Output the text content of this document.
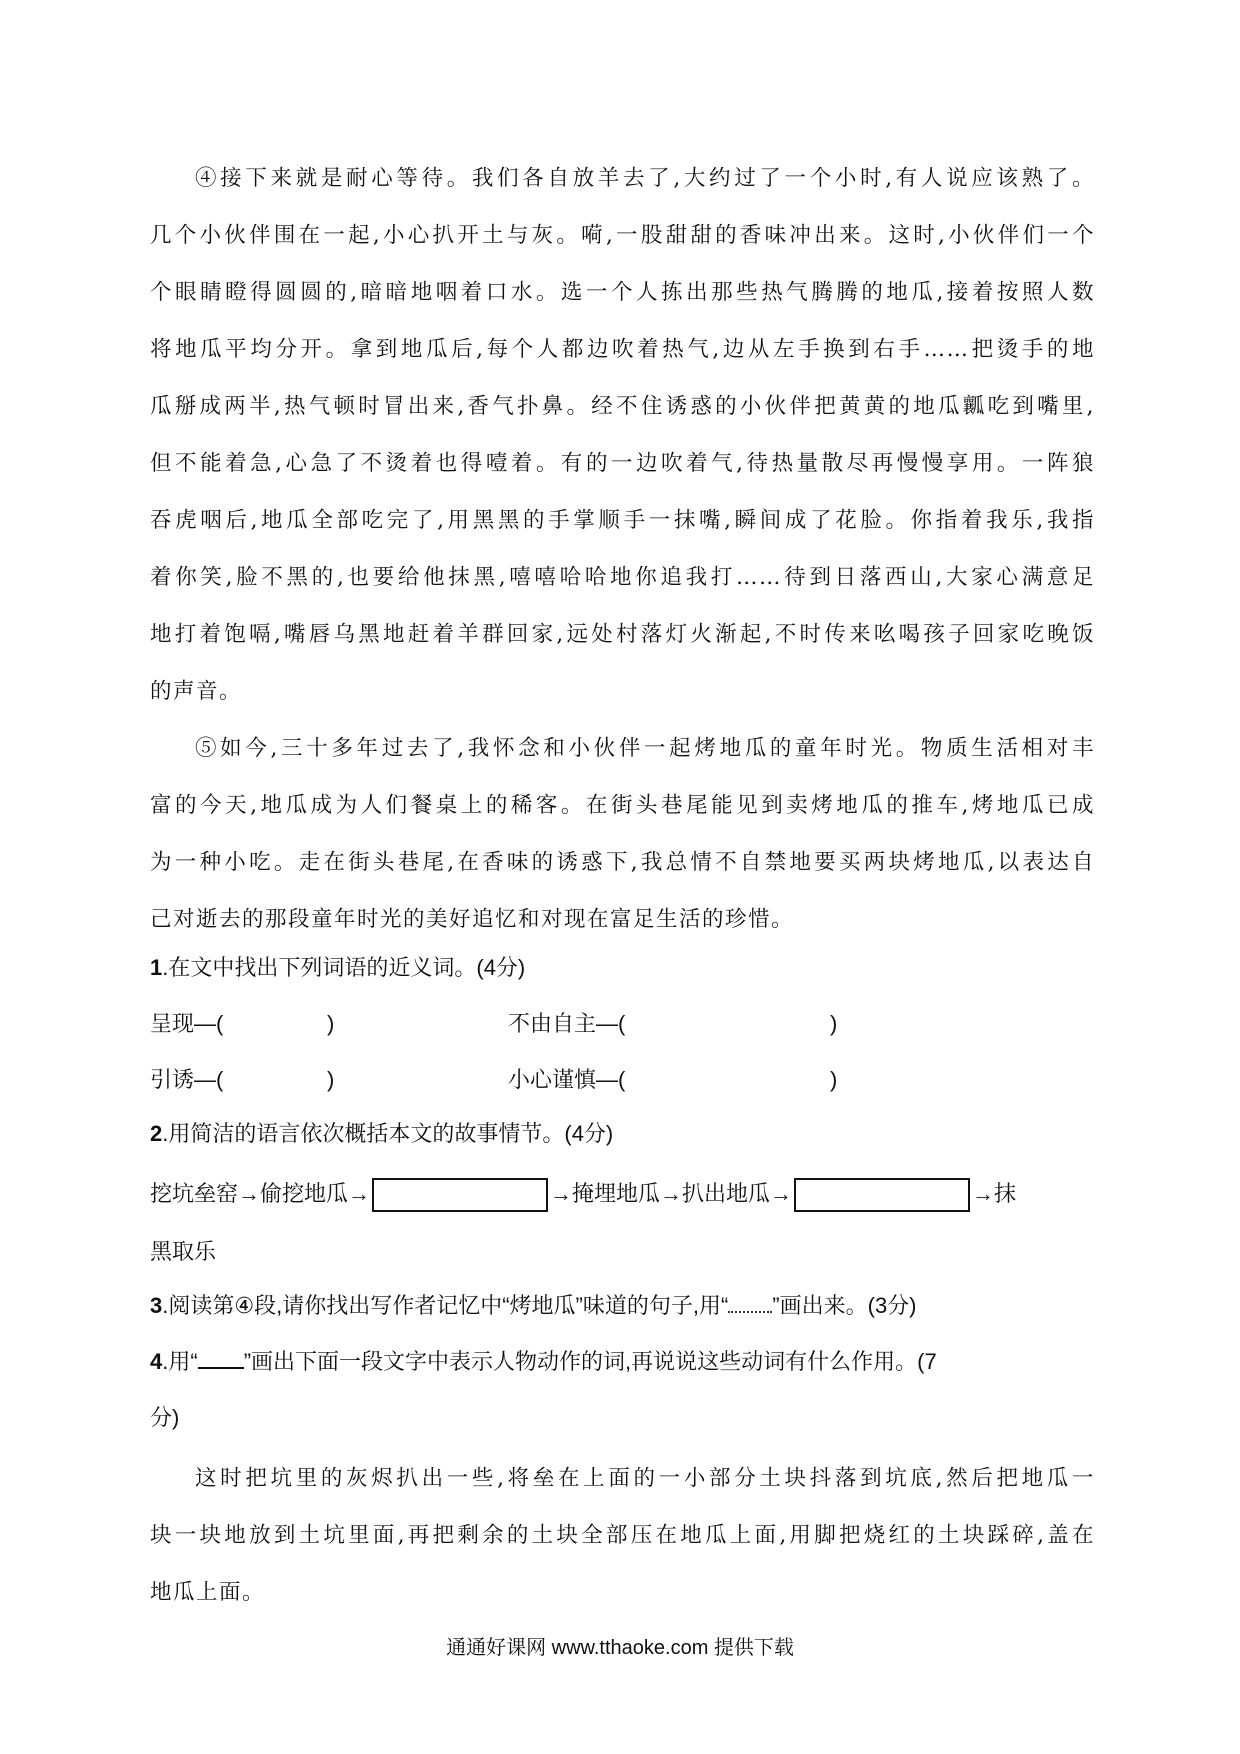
④接下来就是耐心等待。我们各自放羊去了,大约过了一个小时,有人说应该熟了。
几个小伙伴围在一起,小心扒开土与灰。嗬,一股甜甜的香味冲出来。这时,小伙伴们一个
个眼睛瞪得圆圆的,暗暗地咽着口水。选一个人拣出那些热气腾腾的地瓜,接着按照人数
将地瓜平均分开。拿到地瓜后,每个人都边吹着热气,边从左手换到右手……把烫手的地
瓜掰成两半,热气顿时冒出来,香气扑鼻。经不住诱惑的小伙伴把黄黄的地瓜瓤吃到嘴里,
但不能着急,心急了不烫着也得噎着。有的一边吹着气,待热量散尽再慢慢享用。一阵狼
吞虎咽后,地瓜全部吃完了,用黑黑的手掌顺手一抹嘴,瞬间成了花脸。你指着我乐,我指
着你笑,脸不黑的,也要给他抹黑,嘻嘻哈哈地你追我打……待到日落西山,大家心满意足
地打着饱嗝,嘴唇乌黑地赶着羊群回家,远处村落灯火渐起,不时传来吆喝孩子回家吃晚饭
的声音。
⑤如今,三十多年过去了,我怀念和小伙伴一起烤地瓜的童年时光。物质生活相对丰
富的今天,地瓜成为人们餐桌上的稀客。在街头巷尾能见到卖烤地瓜的推车,烤地瓜已成
为一种小吃。走在街头巷尾,在香味的诱惑下,我总情不自禁地要买两块烤地瓜,以表达自
己对逝去的那段童年时光的美好追忆和对现在富足生活的珍惜。
1.在文中找出下列词语的近义词。(4分)
呈现—(	)	不由自主—(	)
引诱—(	)	小心谨慎—(	)
2.用简洁的语言依次概括本文的故事情节。(4分)
挖坑垒窑→偷挖地瓜→	→掩埋地瓜→扒出地瓜→	→抹
黑取乐
3.阅读第④段,请你找出写作者记忆中“烤地瓜”味道的句子,用“ ”画出来。(3分)
4.用“ ”画出下面一段文字中表示人物动作的词,再说说这些动词有什么作用。(7
分)
这时把坑里的灰烬扒出一些,将垒在上面的一小部分土块抖落到坑底,然后把地瓜一
块一块地放到土坑里面,再把剩余的土块全部压在地瓜上面,用脚把烧红的土块踩碎,盖在
地瓜上面。
通通好课网 www.tthaoke.com 提供下载
